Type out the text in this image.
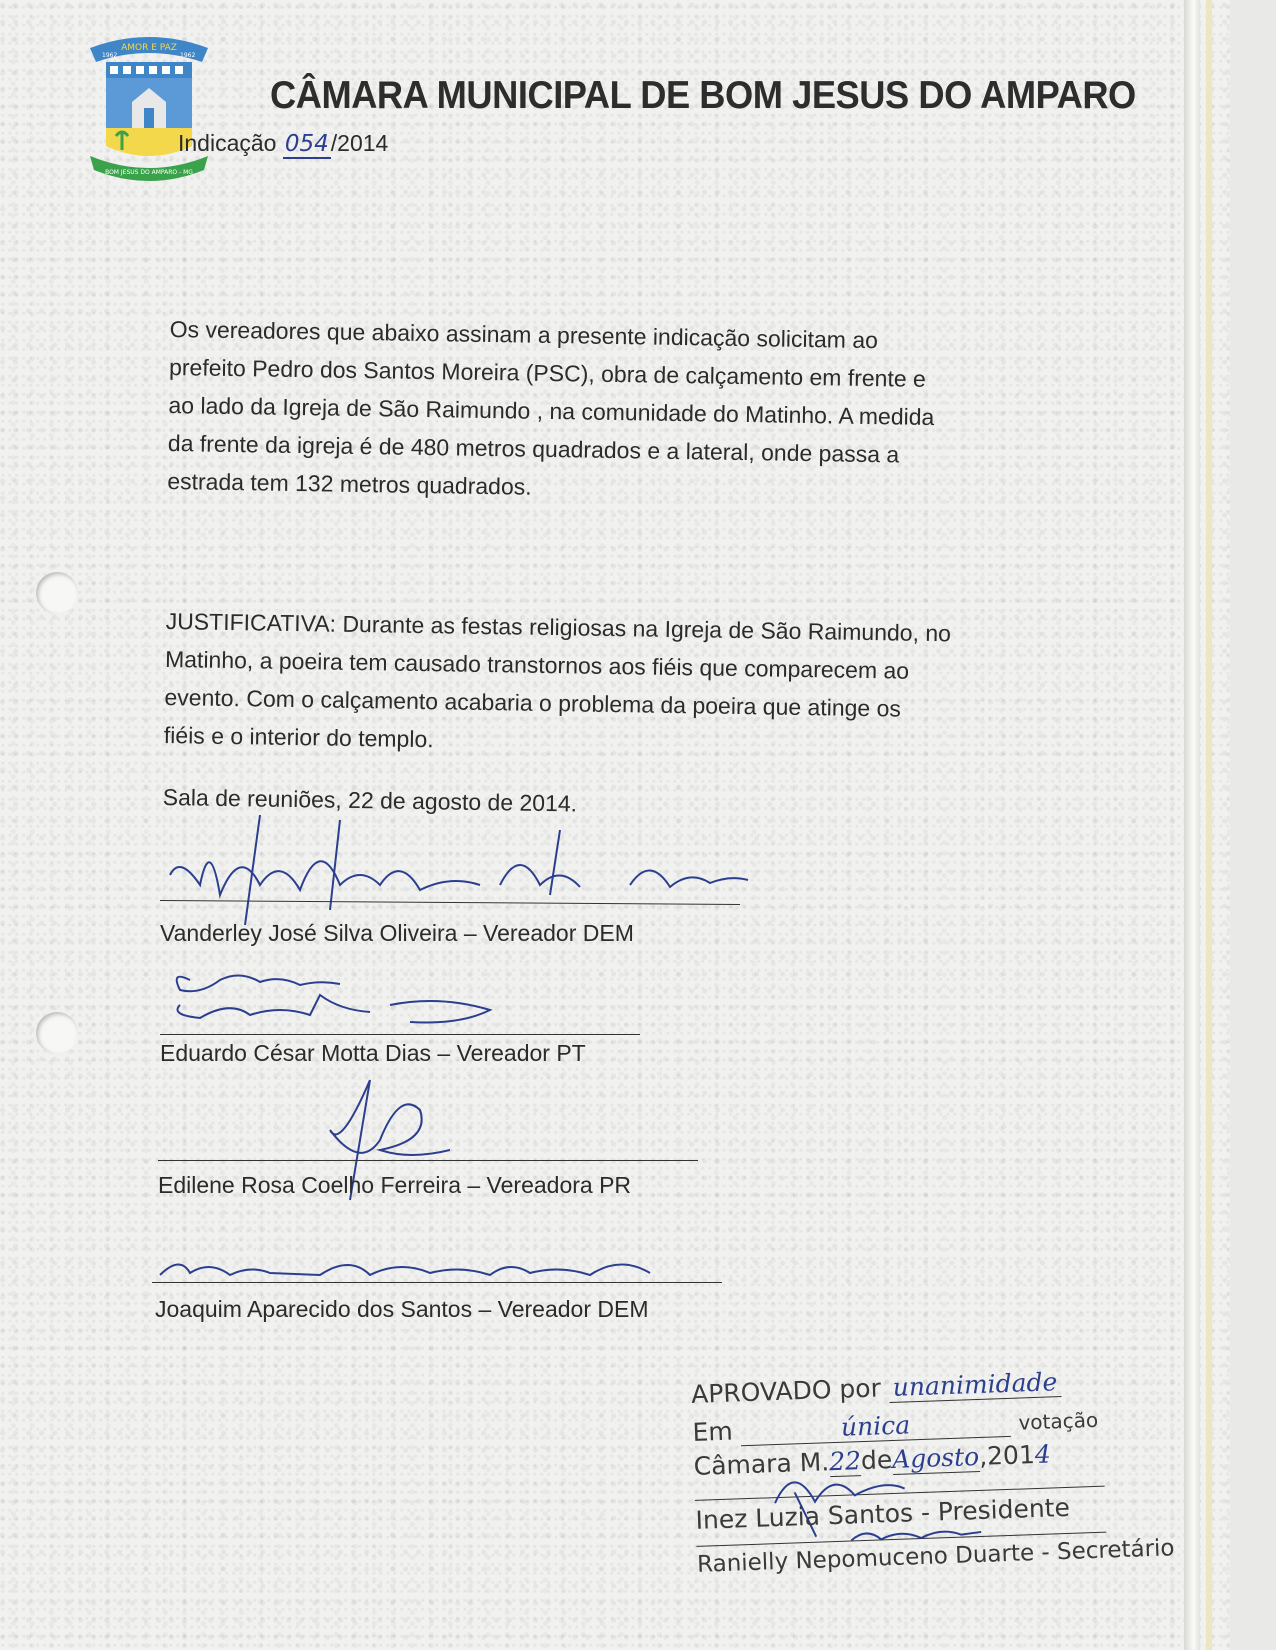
AMOR E PAZ
1962	1962
BOM JESUS DO AMPARO - MG
CÂMARA MUNICIPAL DE BOM JESUS DO AMPARO
Indicação 054/2014

Os vereadores que abaixo assinam a presente indicação solicitam ao

prefeito Pedro dos Santos Moreira (PSC), obra de calçamento em frente e

ao lado da Igreja de São Raimundo , na comunidade do Matinho. A medida

da frente da igreja é de 480 metros quadrados e a lateral, onde passa a

estrada tem 132 metros quadrados.

JUSTIFICATIVA: Durante as festas religiosas na Igreja de São Raimundo, no

Matinho, a poeira tem causado transtornos aos fiéis que comparecem ao

evento. Com o calçamento acabaria o problema da poeira que atinge os

fiéis e o interior do templo.

Sala de reuniões, 22 de agosto de 2014.
Vanderley José Silva Oliveira – Vereador DEM
Eduardo César Motta Dias – Vereador PT
Edilene Rosa Coelho Ferreira – Vereadora PR
Joaquim Aparecido dos Santos – Vereador DEM
APROVADO por unanimidade
Em	única	votação
Câmara M.22deAgosto,2014
Inez Luzia Santos - Presidente
Ranielly Nepomuceno Duarte - Secretário
